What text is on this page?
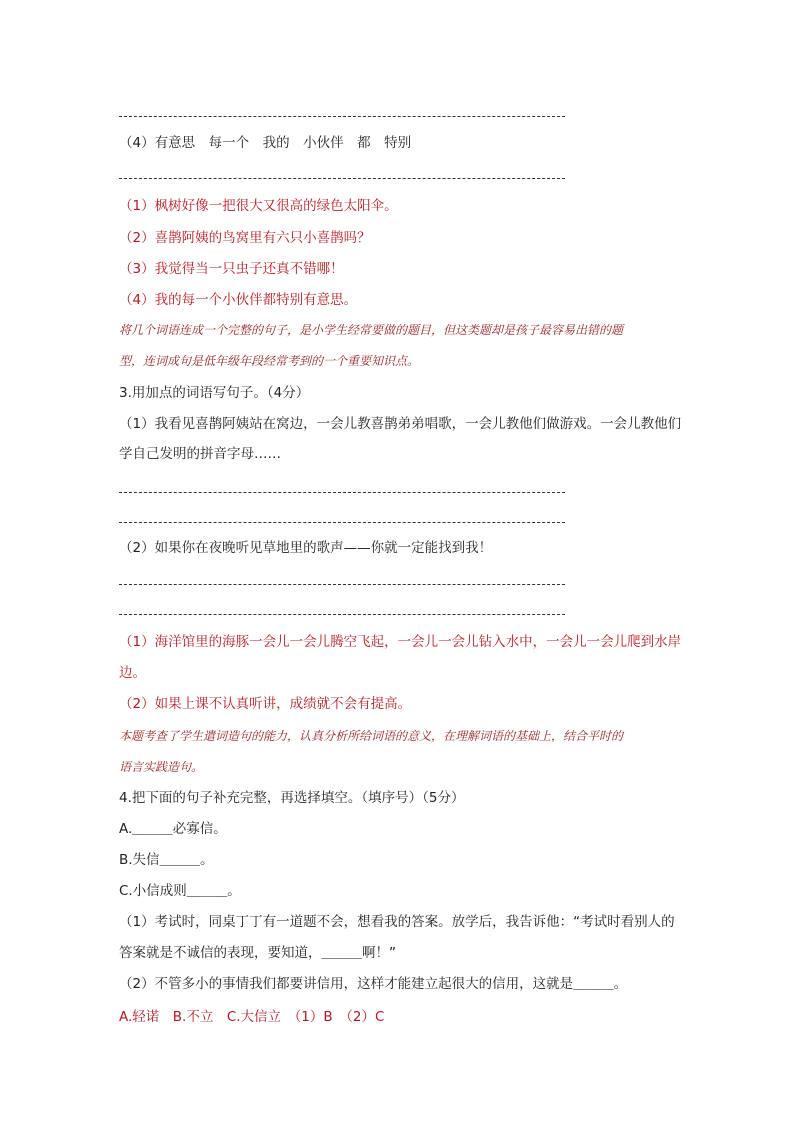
（4）有意思　每一个　我的　小伙伴　都　特别
（1）枫树好像一把很大又很高的绿色太阳伞。
（2）喜鹊阿姨的鸟窝里有六只小喜鹊吗？
（3）我觉得当一只虫子还真不错哪！
（4）我的每一个小伙伴都特别有意思。
将几个词语连成一个完整的句子，是小学生经常要做的题目，但这类题却是孩子最容易出错的题
型，连词成句是低年级年段经常考到的一个重要知识点。
3.用加点的词语写句子。（4分）
（1）我看见喜鹊阿姨站在窝边，一会儿教喜鹊弟弟唱歌，一会儿教他们做游戏。一会儿教他们
学自己发明的拼音字母……
（2）如果你在夜晚听见草地里的歌声——你就一定能找到我！
（1）海洋馆里的海豚一会儿一会儿腾空飞起，一会儿一会儿钻入水中，一会儿一会儿爬到水岸
边。
（2）如果上课不认真听讲，成绩就不会有提高。
本题考查了学生遣词造句的能力，认真分析所给词语的意义，在理解词语的基础上，结合平时的
语言实践造句。
4.把下面的句子补充完整，再选择填空。（填序号）（5分）
A.＿＿＿必寡信。
B.失信＿＿＿。
C.小信成则＿＿＿。
（1）考试时，同桌丁丁有一道题不会，想看我的答案。放学后，我告诉他：“考试时看别人的
答案就是不诚信的表现，要知道，＿＿＿啊！”
（2）不管多小的事情我们都要讲信用，这样才能建立起很大的信用，这就是＿＿＿。
A.轻诺　B.不立　C.大信立　（1）B　（2）C
